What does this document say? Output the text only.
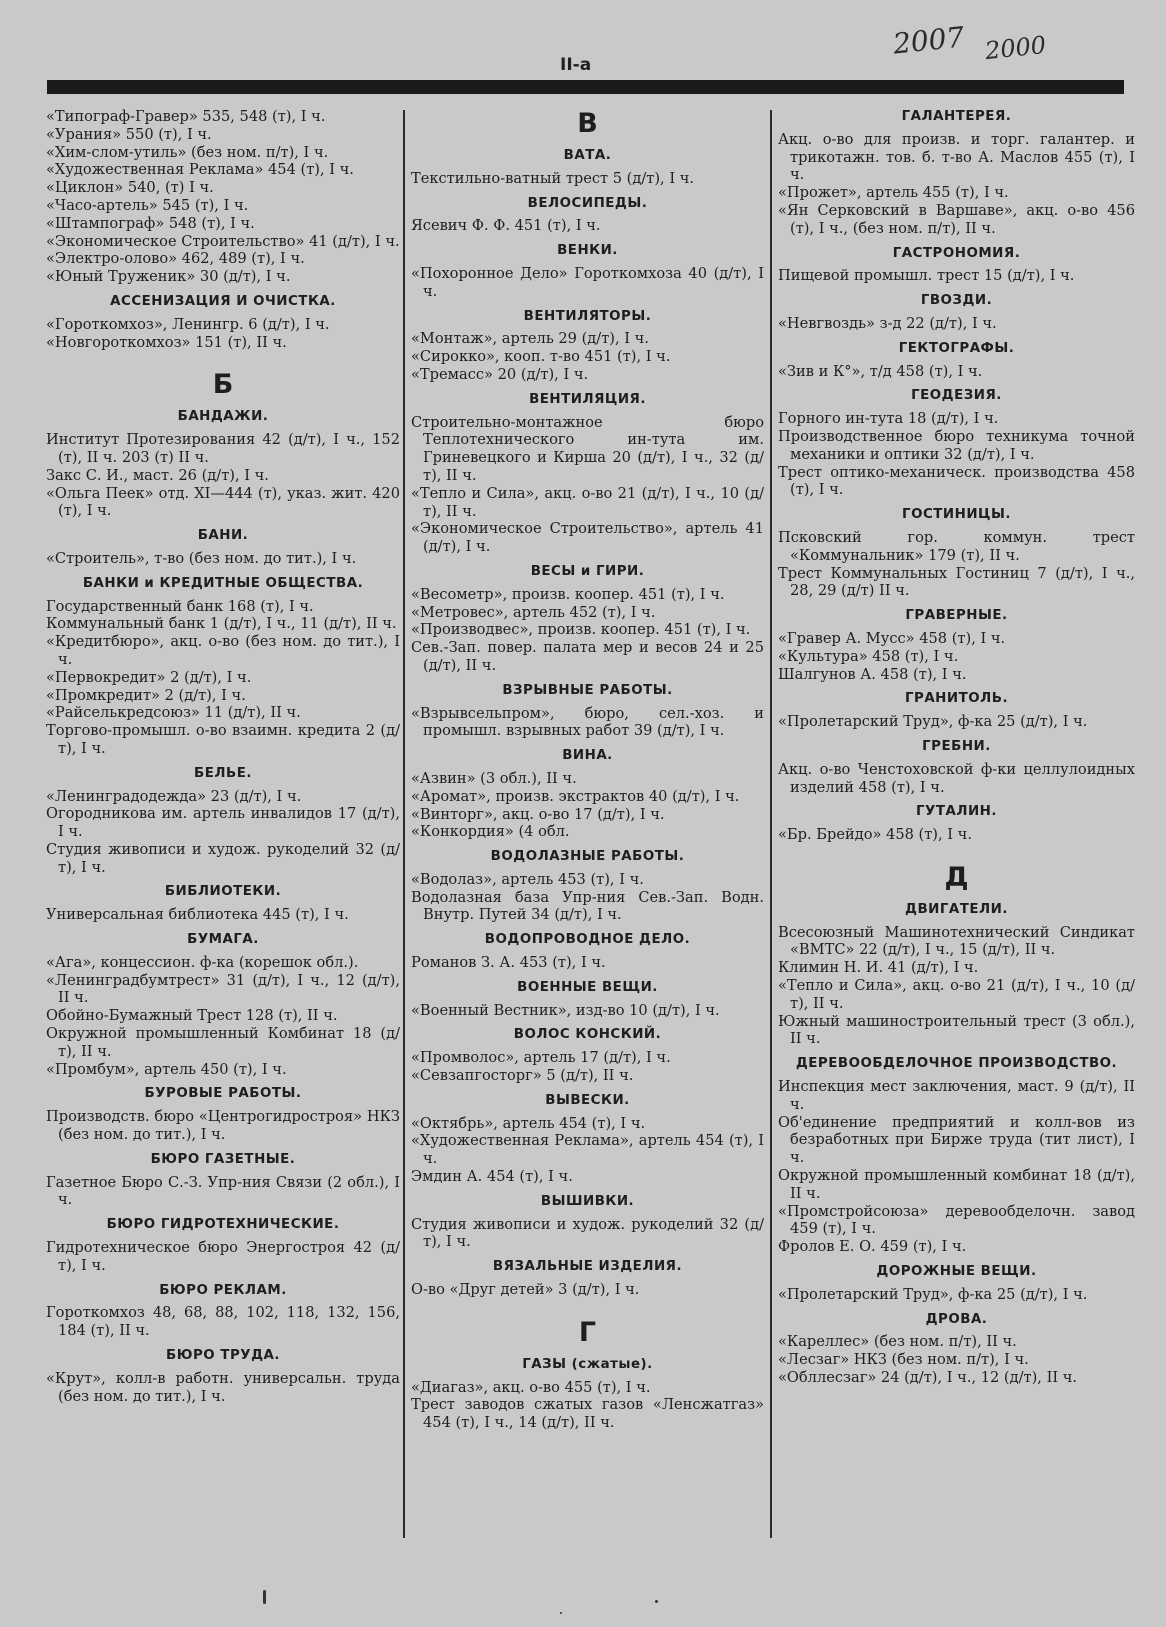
2007 2000
II-a
«Типограф-Гравер» 535, 548 (т), I ч.
«Урания» 550 (т), I ч.
«Хим-слом-утиль» (без ном. п/т), I ч.
«Художественная Реклама» 454 (т), I ч.
«Циклон» 540, (т) I ч.
«Часо-артель» 545 (т), I ч.
«Штампограф» 548 (т), I ч.
«Экономическое Строительство» 41 (д/т), I ч.
«Электро-олово» 462, 489 (т), I ч.
«Юный Труженик» 30 (д/т), I ч.
АССЕНИЗАЦИЯ И ОЧИСТКА.
«Гороткомхоз», Ленингр. 6 (д/т), I ч.
«Новгороткомхоз» 151 (т), II ч.
Б
БАНДАЖИ.
Институт Протезирования 42 (д/т), I ч., 152 (т), II ч. 203 (т) II ч.
Закс С. И., маст. 26 (д/т), I ч.
«Ольга Пеек» отд. XI—444 (т), указ. жит. 420 (т), I ч.
БАНИ.
«Строитель», т-во (без ном. до тит.), I ч.
БАНКИ и КРЕДИТНЫЕ ОБЩЕСТВА.
Государственный банк 168 (т), I ч.
Коммунальный банк 1 (д/т), I ч., 11 (д/т), II ч.
«Кредитбюро», акц. о-во (без ном. до тит.), I ч.
«Первокредит» 2 (д/т), I ч.
«Промкредит» 2 (д/т), I ч.
«Райселькредсоюз» 11 (д/т), II ч.
Торгово-промышл. о-во взаимн. кредита 2 (д/т), I ч.
БЕЛЬЕ.
«Ленинградодежда» 23 (д/т), I ч.
Огородникова им. артель инвалидов 17 (д/т), I ч.
Студия живописи и худож. рукоделий 32 (д/т), I ч.
БИБЛИОТЕКИ.
Универсальная библиотека 445 (т), I ч.
БУМАГА.
«Ага», концессион. ф-ка (корешок обл.).
«Ленинградбумтрест» 31 (д/т), I ч., 12 (д/т), II ч.
Обойно-Бумажный Трест 128 (т), II ч.
Окружной промышленный Комбинат 18 (д/т), II ч.
«Промбум», артель 450 (т), I ч.
БУРОВЫЕ РАБОТЫ.
Производств. бюро «Центрогидростроя» НКЗ (без ном. до тит.), I ч.
БЮРО ГАЗЕТНЫЕ.
Газетное Бюро С.-З. Упр-ния Связи (2 обл.), I ч.
БЮРО ГИДРОТЕХНИЧЕСКИЕ.
Гидротехническое бюро Энергостроя 42 (д/т), I ч.
БЮРО РЕКЛАМ.
Гороткомхоз 48, 68, 88, 102, 118, 132, 156, 184 (т), II ч.
БЮРО ТРУДА.
«Крут», колл-в работн. универсальн. труда (без ном. до тит.), I ч.
В
ВАТА.
Текстильно-ватный трест 5 (д/т), I ч.
ВЕЛОСИПЕДЫ.
Ясевич Ф. Ф. 451 (т), I ч.
ВЕНКИ.
«Похоронное Дело» Гороткомхоза 40 (д/т), I ч.
ВЕНТИЛЯТОРЫ.
«Монтаж», артель 29 (д/т), I ч.
«Сирокко», кооп. т-во 451 (т), I ч.
«Тремасс» 20 (д/т), I ч.
ВЕНТИЛЯЦИЯ.
Строительно-монтажное бюро Теплотехнического ин-тута им. Гриневецкого и Кирша 20 (д/т), I ч., 32 (д/т), II ч.
«Тепло и Сила», акц. о-во 21 (д/т), I ч., 10 (д/т), II ч.
«Экономическое Строительство», артель 41 (д/т), I ч.
ВЕСЫ и ГИРИ.
«Весометр», произв. коопер. 451 (т), I ч.
«Метровес», артель 452 (т), I ч.
«Производвес», произв. коопер. 451 (т), I ч.
Сев.-Зап. повер. палата мер и весов 24 и 25 (д/т), II ч.
ВЗРЫВНЫЕ РАБОТЫ.
«Взрывсельпром», бюро, сел.-хоз. и промышл. взрывных работ 39 (д/т), I ч.
ВИНА.
«Азвин» (3 обл.), II ч.
«Аромат», произв. экстрактов 40 (д/т), I ч.
«Винторг», акц. о-во 17 (д/т), I ч.
«Конкордия» (4 обл.
ВОДОЛАЗНЫЕ РАБОТЫ.
«Водолаз», артель 453 (т), I ч.
Водолазная база Упр-ния Сев.-Зап. Водн. Внутр. Путей 34 (д/т), I ч.
ВОДОПРОВОДНОЕ ДЕЛО.
Романов З. А. 453 (т), I ч.
ВОЕННЫЕ ВЕЩИ.
«Военный Вестник», изд-во 10 (д/т), I ч.
ВОЛОС КОНСКИЙ.
«Промволос», артель 17 (д/т), I ч.
«Севзапгосторг» 5 (д/т), II ч.
ВЫВЕСКИ.
«Октябрь», артель 454 (т), I ч.
«Художественная Реклама», артель 454 (т), I ч.
Эмдин А. 454 (т), I ч.
ВЫШИВКИ.
Студия живописи и худож. рукоделий 32 (д/т), I ч.
ВЯЗАЛЬНЫЕ ИЗДЕЛИЯ.
О-во «Друг детей» 3 (д/т), I ч.
Г
ГАЗЫ (сжатые).
«Диагаз», акц. о-во 455 (т), I ч.
Трест заводов сжатых газов «Ленсжатгаз» 454 (т), I ч., 14 (д/т), II ч.
ГАЛАНТЕРЕЯ.
Акц. о-во для произв. и торг. галантер. и трикотажн. тов. б. т-во А. Маслов 455 (т), I ч.
«Прожет», артель 455 (т), I ч.
«Ян Серковский в Варшаве», акц. о-во 456 (т), I ч., (без ном. п/т), II ч.
ГАСТРОНОМИЯ.
Пищевой промышл. трест 15 (д/т), I ч.
ГВОЗДИ.
«Невгвоздь» з-д 22 (д/т), I ч.
ГЕКТОГРАФЫ.
«Зив и К°», т/д 458 (т), I ч.
ГЕОДЕЗИЯ.
Горного ин-тута 18 (д/т), I ч.
Производственное бюро техникума точной механики и оптики 32 (д/т), I ч.
Трест оптико-механическ. производства 458 (т), I ч.
ГОСТИНИЦЫ.
Псковский гор. коммун. трест «Коммунальник» 179 (т), II ч.
Трест Коммунальных Гостиниц 7 (д/т), I ч., 28, 29 (д/т) II ч.
ГРАВЕРНЫЕ.
«Гравер А. Мусс» 458 (т), I ч.
«Культура» 458 (т), I ч.
Шалгунов А. 458 (т), I ч.
ГРАНИТОЛЬ.
«Пролетарский Труд», ф-ка 25 (д/т), I ч.
ГРЕБНИ.
Акц. о-во Ченстоховской ф-ки целлулоидных изделий 458 (т), I ч.
ГУТАЛИН.
«Бр. Брейдо» 458 (т), I ч.
Д
ДВИГАТЕЛИ.
Всесоюзный Машинотехнический Синдикат «ВМТС» 22 (д/т), I ч., 15 (д/т), II ч.
Климин Н. И. 41 (д/т), I ч.
«Тепло и Сила», акц. о-во 21 (д/т), I ч., 10 (д/т), II ч.
Южный машиностроительный трест (3 обл.), II ч.
ДЕРЕВООБДЕЛОЧНОЕ ПРОИЗВОДСТВО.
Инспекция мест заключения, маст. 9 (д/т), II ч.
Об'единение предприятий и колл-вов из безработных при Бирже труда (тит лист), I ч.
Окружной промышленный комбинат 18 (д/т), II ч.
«Промстройсоюза» деревообделочн. завод 459 (т), I ч.
Фролов Е. О. 459 (т), I ч.
ДОРОЖНЫЕ ВЕЩИ.
«Пролетарский Труд», ф-ка 25 (д/т), I ч.
ДРОВА.
«Кареллес» (без ном. п/т), II ч.
«Лесзаг» НКЗ (без ном. п/т), I ч.
«Обллесзаг» 24 (д/т), I ч., 12 (д/т), II ч.
